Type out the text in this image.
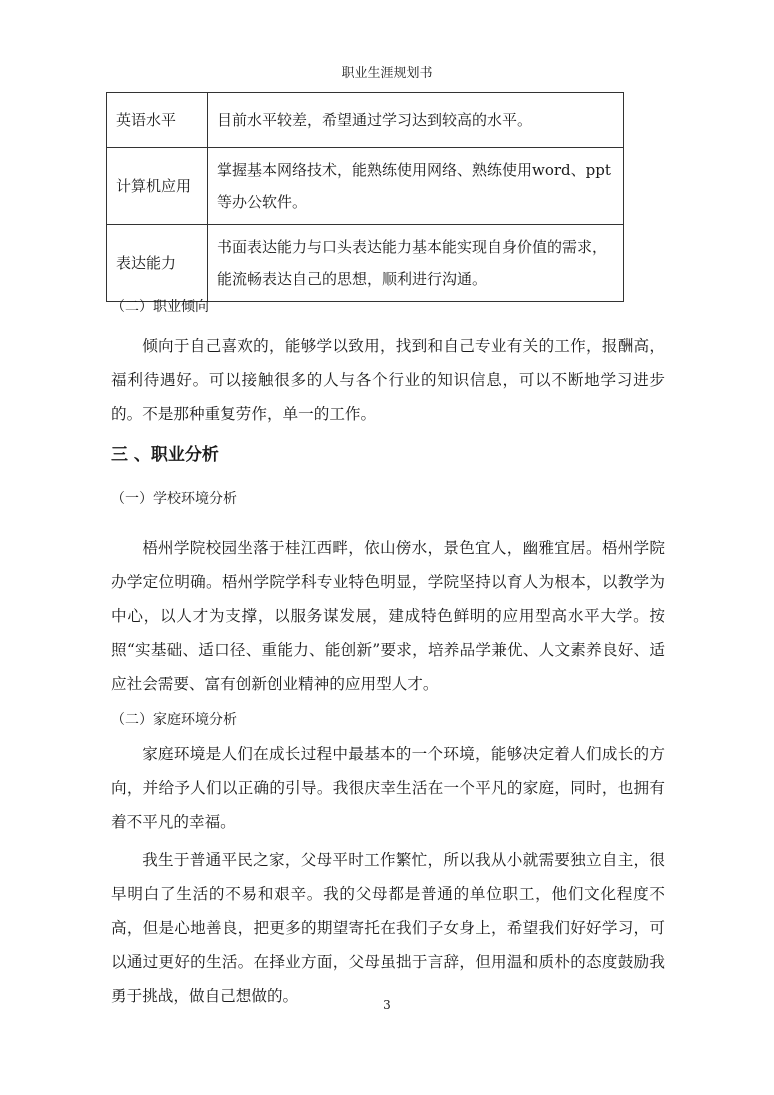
职业生涯规划书
英语水平	目前水平较差，希望通过学习达到较高的水平。
计算机应用	掌握基本网络技术，能熟练使用网络、熟练使用word、ppt等办公软件。
表达能力	书面表达能力与口头表达能力基本能实现自身价值的需求，能流畅表达自己的思想，顺利进行沟通。
（二）职业倾向

倾向于自己喜欢的，能够学以致用，找到和自己专业有关的工作，报酬高，福利待遇好。可以接触很多的人与各个行业的知识信息，可以不断地学习进步的。不是那种重复劳作，单一的工作。

三 、职业分析
（一）学校环境分析

梧州学院校园坐落于桂江西畔，依山傍水，景色宜人，幽雅宜居。梧州学院办学定位明确。梧州学院学科专业特色明显，学院坚持以育人为根本，以教学为中心，以人才为支撑，以服务谋发展，建成特色鲜明的应用型高水平大学。按照“实基础、适口径、重能力、能创新”要求，培养品学兼优、人文素养良好、适应社会需要、富有创新创业精神的应用型人才。

（二）家庭环境分析

家庭环境是人们在成长过程中最基本的一个环境，能够决定着人们成长的方向，并给予人们以正确的引导。我很庆幸生活在一个平凡的家庭，同时，也拥有着不平凡的幸福。

我生于普通平民之家，父母平时工作繁忙，所以我从小就需要独立自主，很早明白了生活的不易和艰辛。我的父母都是普通的单位职工，他们文化程度不高，但是心地善良，把更多的期望寄托在我们子女身上，希望我们好好学习，可以通过更好的生活。在择业方面，父母虽拙于言辞，但用温和质朴的态度鼓励我勇于挑战，做自己想做的。	3
